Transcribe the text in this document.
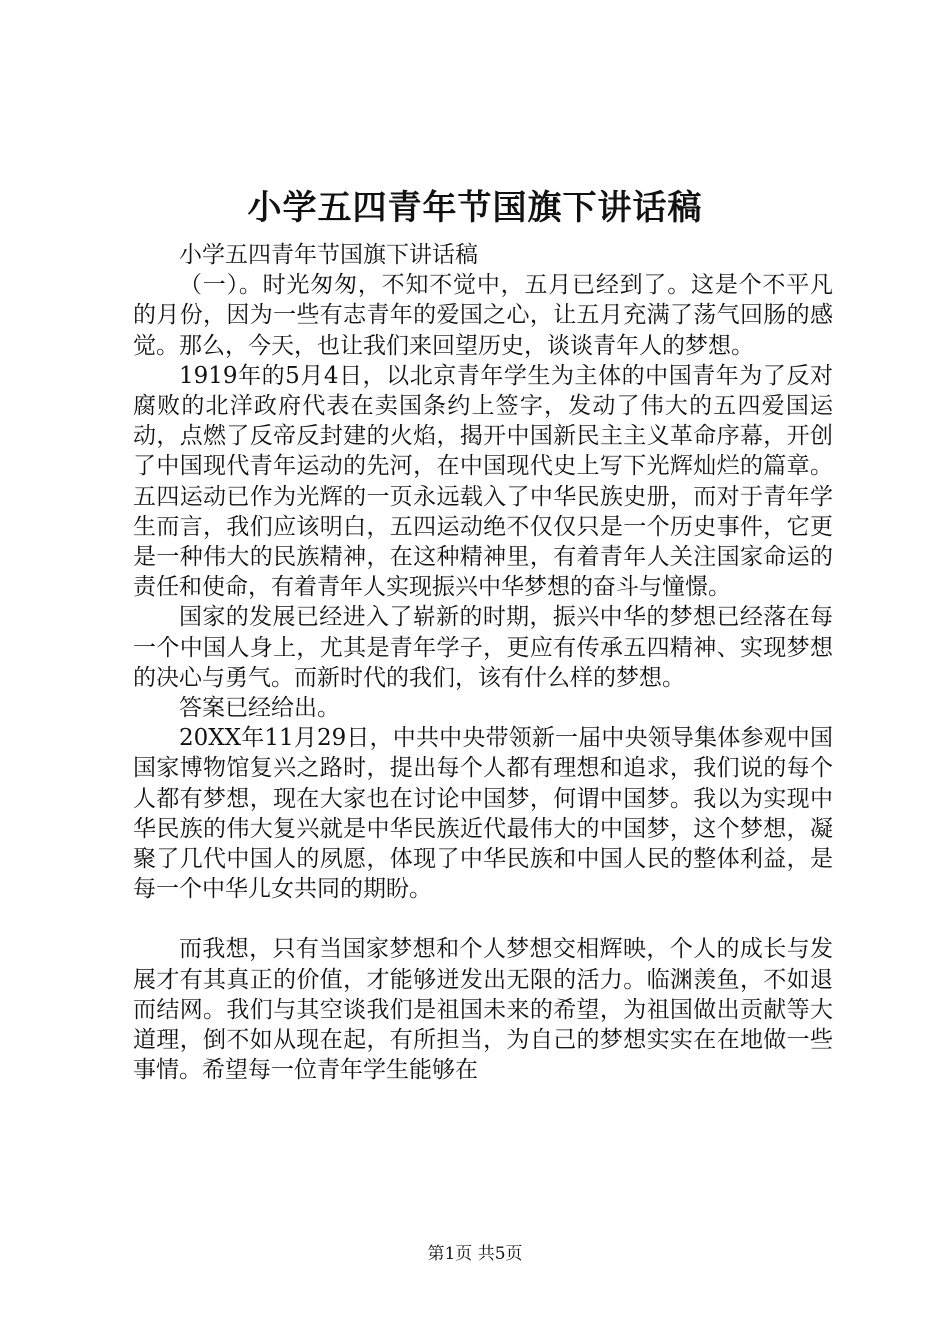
小学五四青年节国旗下讲话稿

小学五四青年节国旗下讲话稿

（一）。时光匆匆，不知不觉中，五月已经到了。这是个不平凡的月份，因为一些有志青年的爱国之心，让五月充满了荡气回肠的感觉。那么，今天，也让我们来回望历史，谈谈青年人的梦想。

1919年的5月4日，以北京青年学生为主体的中国青年为了反对腐败的北洋政府代表在卖国条约上签字，发动了伟大的五四爱国运动，点燃了反帝反封建的火焰，揭开中国新民主主义革命序幕，开创了中国现代青年运动的先河，在中国现代史上写下光辉灿烂的篇章。五四运动已作为光辉的一页永远载入了中华民族史册，而对于青年学生而言，我们应该明白，五四运动绝不仅仅只是一个历史事件，它更是一种伟大的民族精神，在这种精神里，有着青年人关注国家命运的责任和使命，有着青年人实现振兴中华梦想的奋斗与憧憬。

国家的发展已经进入了崭新的时期，振兴中华的梦想已经落在每一个中国人身上，尤其是青年学子，更应有传承五四精神、实现梦想的决心与勇气。而新时代的我们，该有什么样的梦想。

答案已经给出。

20XX年11月29日，中共中央带领新一届中央领导集体参观中国国家博物馆复兴之路时，提出每个人都有理想和追求，我们说的每个人都有梦想，现在大家也在讨论中国梦，何谓中国梦。我以为实现中华民族的伟大复兴就是中华民族近代最伟大的中国梦，这个梦想，凝聚了几代中国人的夙愿，体现了中华民族和中国人民的整体利益，是每一个中华儿女共同的期盼。

而我想，只有当国家梦想和个人梦想交相辉映，个人的成长与发展才有其真正的价值，才能够迸发出无限的活力。临渊羡鱼，不如退而结网。我们与其空谈我们是祖国未来的希望，为祖国做出贡献等大道理，倒不如从现在起，有所担当，为自己的梦想实实在在地做一些事情。希望每一位青年学生能够在

第1页 共5页
